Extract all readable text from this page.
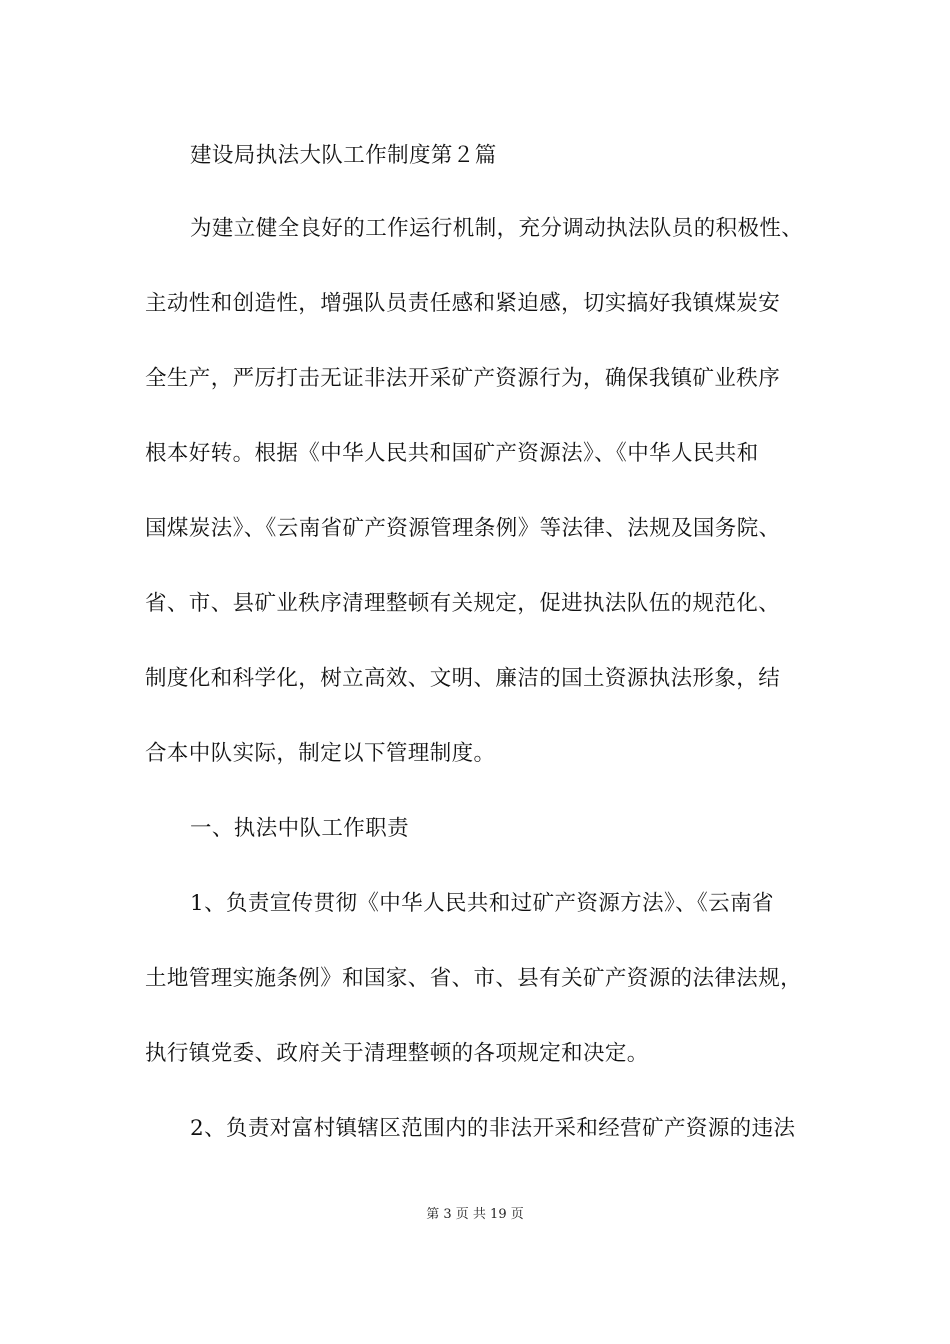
建设局执法大队工作制度第２篇
为建立健全良好的工作运行机制，充分调动执法队员的积极性、
主动性和创造性，增强队员责任感和紧迫感，切实搞好我镇煤炭安
全生产，严厉打击无证非法开采矿产资源行为，确保我镇矿业秩序
根本好转。根据《中华人民共和国矿产资源法》、《中华人民共和
国煤炭法》、《云南省矿产资源管理条例》等法律、法规及国务院、
省、市、县矿业秩序清理整顿有关规定，促进执法队伍的规范化、
制度化和科学化，树立高效、文明、廉洁的国土资源执法形象，结
合本中队实际，制定以下管理制度。
一、执法中队工作职责
1、负责宣传贯彻《中华人民共和过矿产资源方法》、《云南省
土地管理实施条例》和国家、省、市、县有关矿产资源的法律法规，
执行镇党委、政府关于清理整顿的各项规定和决定。
2、负责对富村镇辖区范围内的非法开采和经营矿产资源的违法
第 3 页 共 19 页
